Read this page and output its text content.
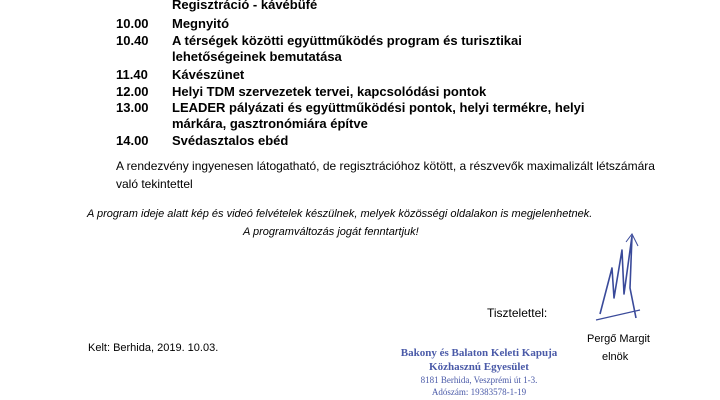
Regisztráció - kávébüfé
10.00	Megnyitó
10.40	A térségek közötti együttműködés program és turisztikai
lehetőségeinek bemutatása
11.40	Kávészünet
12.00	Helyi TDM szervezetek tervei, kapcsolódási pontok
13.00	LEADER pályázati és együttműködési pontok, helyi termékre, helyi
márkára, gasztronómiára építve
14.00	Svédasztalos ebéd
A rendezvény ingyenesen látogatható, de regisztrációhoz kötött, a részvevők maximalizált létszámára való tekintettel
A program ideje alatt kép és videó felvételek készülnek, melyek közösségi oldalakon is megjelenhetnek.
A programváltozás jogát fenntartjuk!
Tisztelettel:
Pergő Margit
elnök
Kelt: Berhida, 2019. 10.03.	Bakony és Balaton Keleti Kapuja
Közhasznú Egyesület
8181 Berhida, Veszprémi út 1-3.
Adószám: 19383578-1-19
